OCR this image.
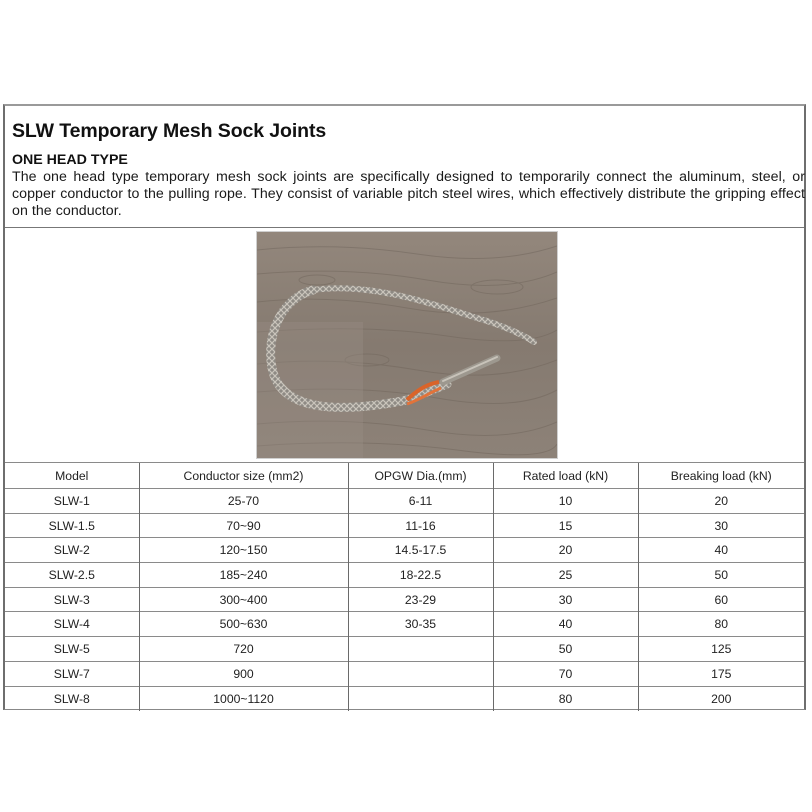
SLW Temporary Mesh Sock Joints
ONE HEAD TYPE
The one head type temporary mesh sock joints are specifically designed to temporarily connect the aluminum, steel, or copper conductor to the pulling rope. They consist of variable pitch steel wires, which effectively distribute the gripping effect on the conductor.
Model	Conductor size (mm2)	OPGW Dia.(mm)	Rated load (kN)	Breaking load (kN)
SLW-1	25-70	6-11	10	20
SLW-1.5	70~90	11-16	15	30
SLW-2	120~150	14.5-17.5	20	40
SLW-2.5	185~240	18-22.5	25	50
SLW-3	300~400	23-29	30	60
SLW-4	500~630	30-35	40	80
SLW-5	720		50	125
SLW-7	900		70	175
SLW-8	1000~1120		80	200
